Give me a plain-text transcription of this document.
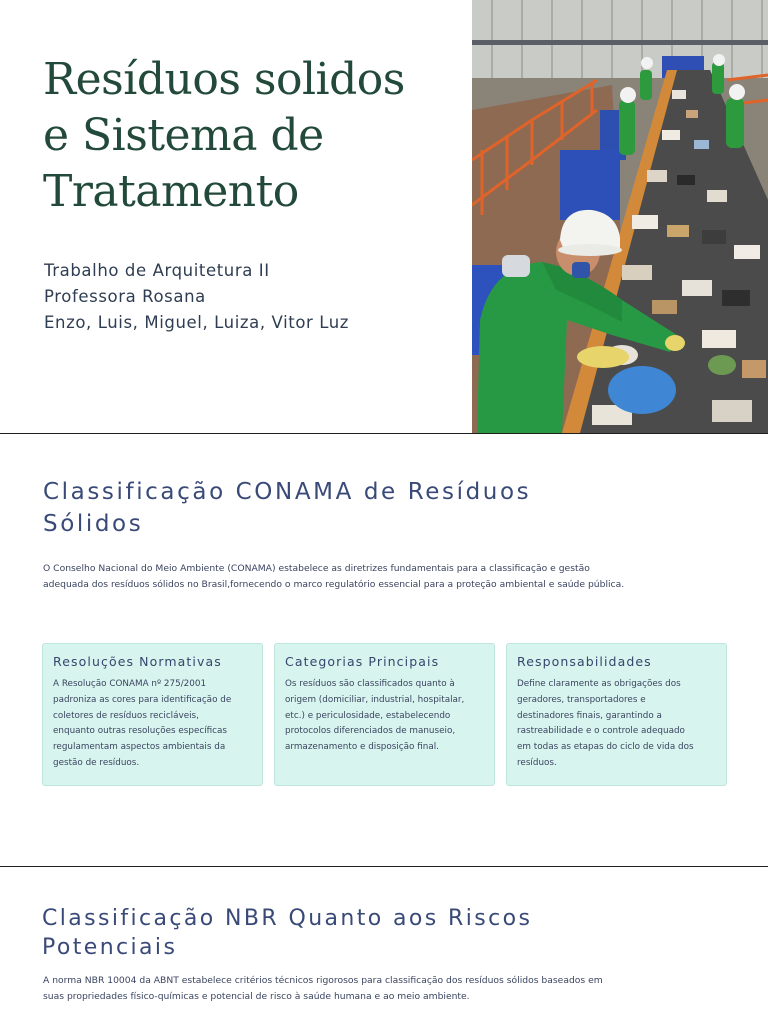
Resíduos solidos
e Sistema de
Tratamento

Trabalho de Arquitetura II
Professora Rosana
Enzo, Luis, Miguel, Luiza, Vitor Luz

Classificação CONAMA de Resíduos
Sólidos

O Conselho Nacional do Meio Ambiente (CONAMA) estabelece as diretrizes fundamentais para a classificação e gestão
adequada dos resíduos sólidos no Brasil,fornecendo o marco regulatório essencial para a proteção ambiental e saúde pública.

Resoluções Normativas

A Resolução CONAMA nº 275/2001
padroniza as cores para identificação de
coletores de resíduos recicláveis,
enquanto outras resoluções específicas
regulamentam aspectos ambientais da
gestão de resíduos.

Categorias Principais

Os resíduos são classificados quanto à
origem (domiciliar, industrial, hospitalar,
etc.) e periculosidade, estabelecendo
protocolos diferenciados de manuseio,
armazenamento e disposição final.

Responsabilidades

Define claramente as obrigações dos
geradores, transportadores e
destinadores finais, garantindo a
rastreabilidade e o controle adequado
em todas as etapas do ciclo de vida dos
resíduos.

Classificação NBR Quanto aos Riscos
Potenciais

A norma NBR 10004 da ABNT estabelece critérios técnicos rigorosos para classificação dos resíduos sólidos baseados em
suas propriedades físico-químicas e potencial de risco à saúde humana e ao meio ambiente.
